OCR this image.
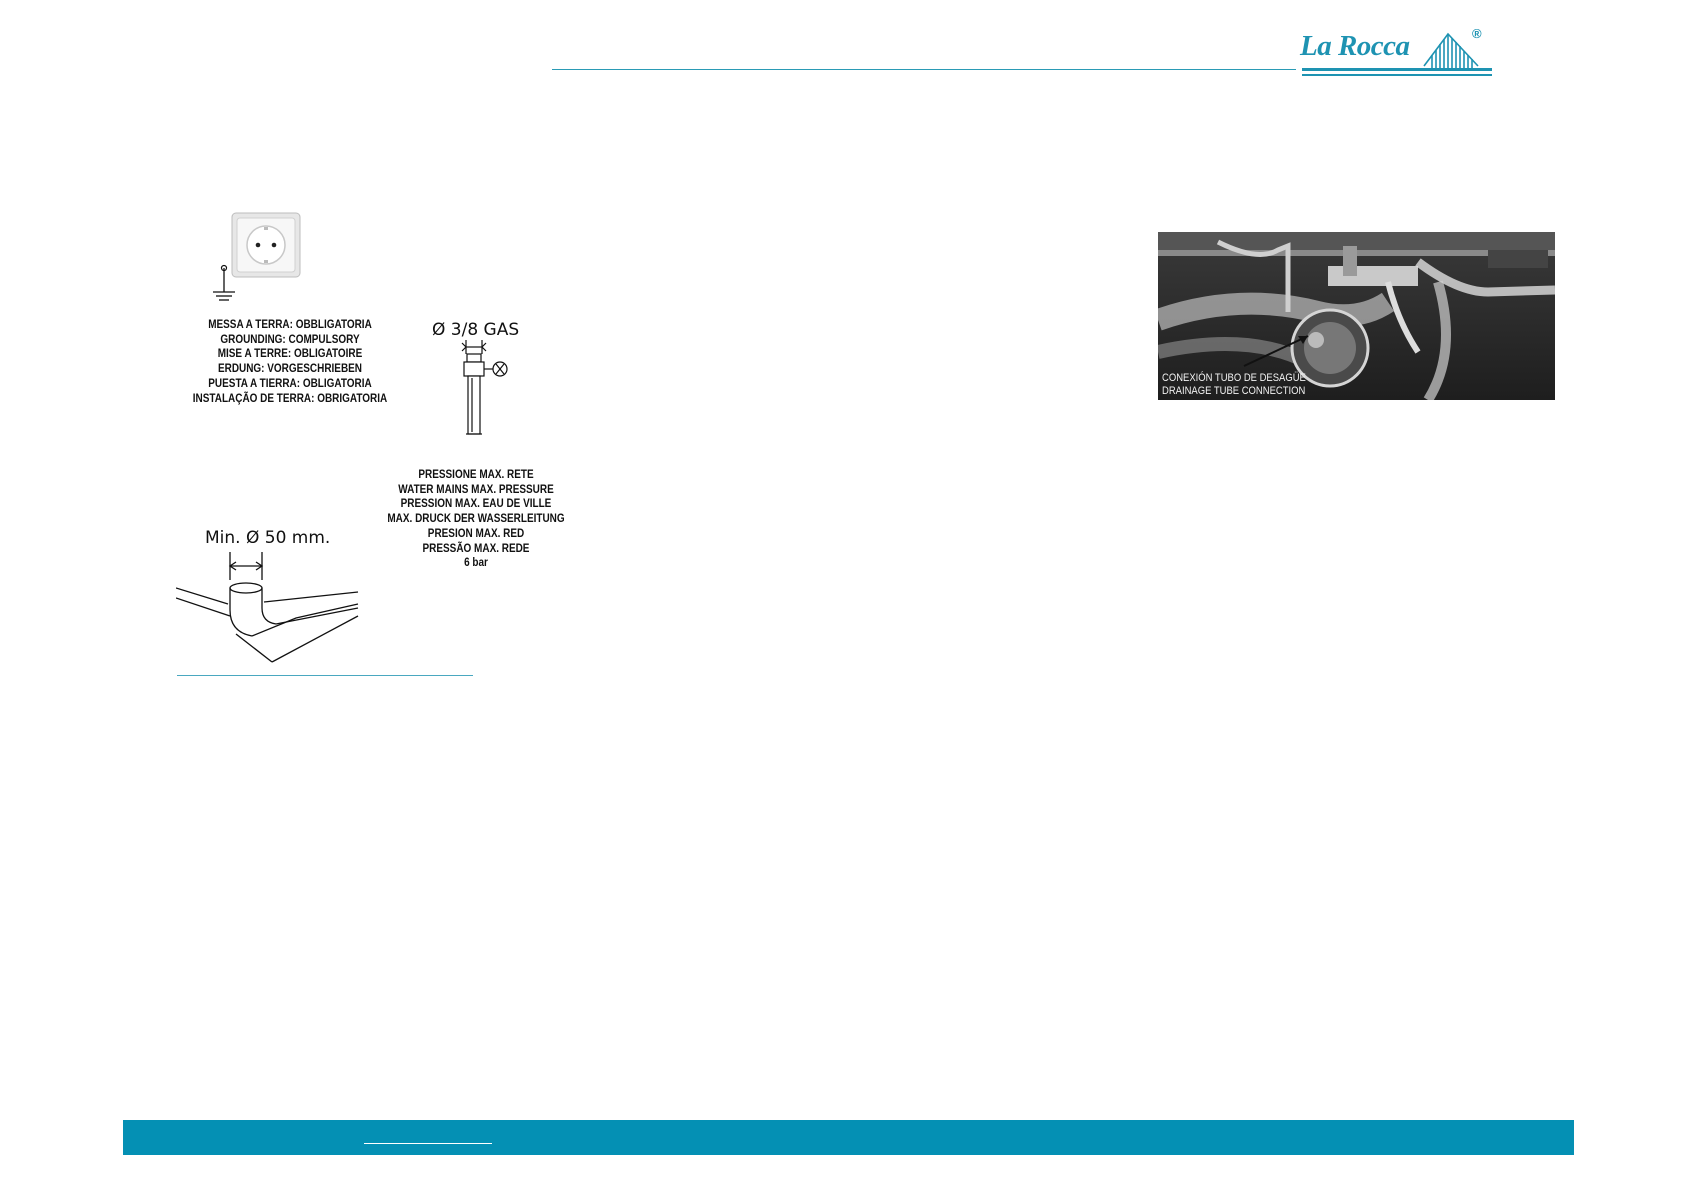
La Rocca	®
MESSA A TERRA: OBBLIGATORIA
GROUNDING: COMPULSORY
MISE A TERRE: OBLIGATOIRE
ERDUNG: VORGESCHRIEBEN
PUESTA A TIERRA: OBLIGATORIA
INSTALAÇÃO DE TERRA: OBRIGATORIA
Ø 3/8 GAS
PRESSIONE MAX. RETE
WATER MAINS MAX. PRESSURE
PRESSION MAX. EAU DE VILLE
MAX. DRUCK DER WASSERLEITUNG
PRESION MAX. RED
PRESSÃO MAX. REDE
6 bar
Min. Ø 50 mm.
CONEXIÓN TUBO DE DESAGÜE
DRAINAGE TUBE CONNECTION
